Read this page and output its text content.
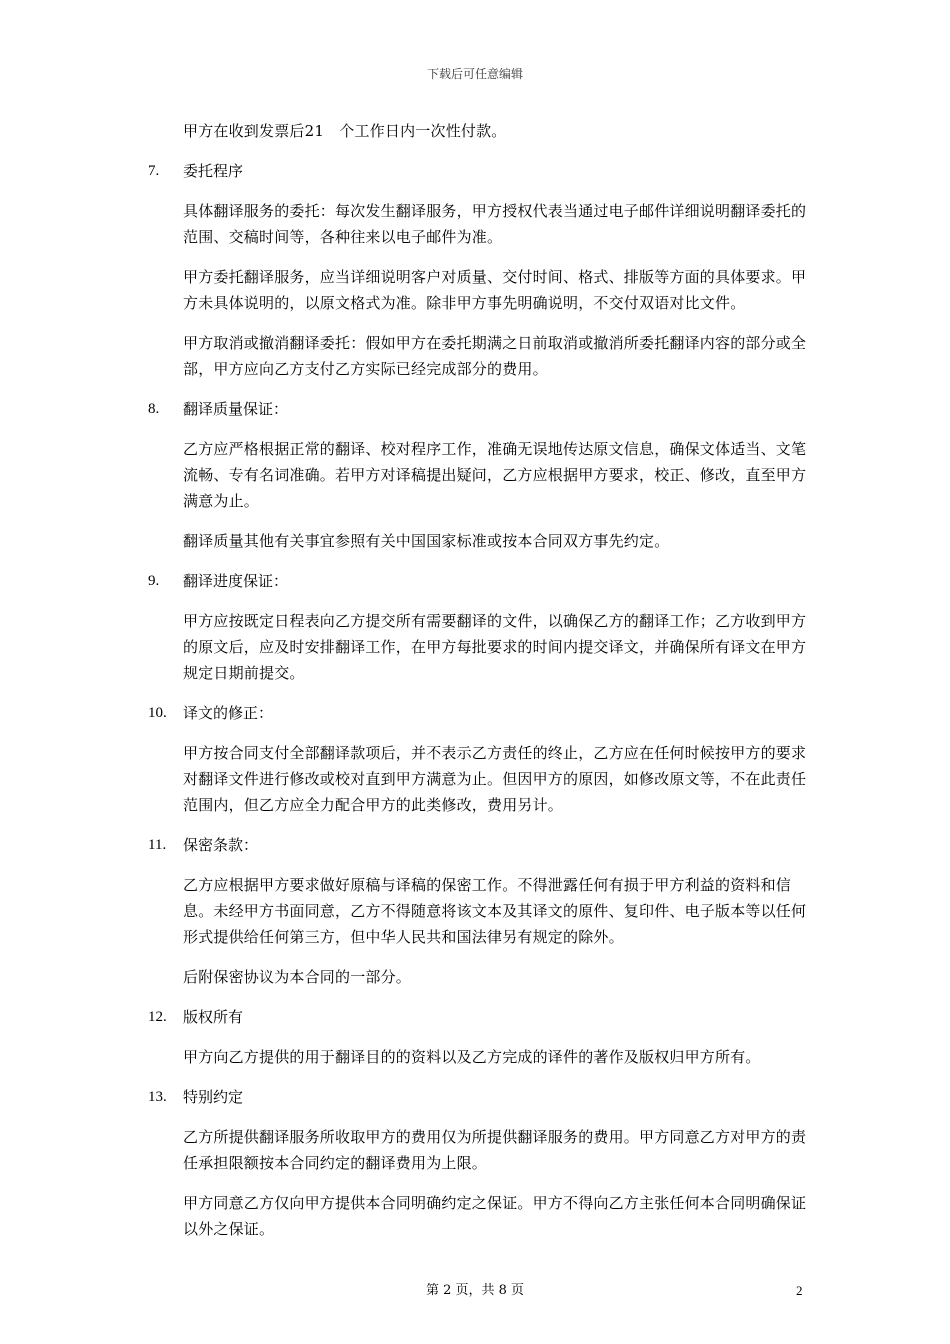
下载后可任意编辑

甲方在收到发票后21　个工作日内一次性付款。

7.	委托程序

具体翻译服务的委托：每次发生翻译服务，甲方授权代表当通过电子邮件详细说明翻译委托的范围、交稿时间等，各种往来以电子邮件为准。

甲方委托翻译服务，应当详细说明客户对质量、交付时间、格式、排版等方面的具体要求。甲方未具体说明的，以原文格式为准。除非甲方事先明确说明，不交付双语对比文件。

甲方取消或撤消翻译委托：假如甲方在委托期满之日前取消或撤消所委托翻译内容的部分或全部，甲方应向乙方支付乙方实际已经完成部分的费用。

8.	翻译质量保证：

乙方应严格根据正常的翻译、校对程序工作，准确无误地传达原文信息，确保文体适当、文笔流畅、专有名词准确。若甲方对译稿提出疑问，乙方应根据甲方要求，校正、修改，直至甲方满意为止。

翻译质量其他有关事宜参照有关中国国家标准或按本合同双方事先约定。

9.	翻译进度保证：

甲方应按既定日程表向乙方提交所有需要翻译的文件，以确保乙方的翻译工作；乙方收到甲方的原文后，应及时安排翻译工作，在甲方每批要求的时间内提交译文，并确保所有译文在甲方规定日期前提交。

10.	译文的修正：

甲方按合同支付全部翻译款项后，并不表示乙方责任的终止，乙方应在任何时候按甲方的要求对翻译文件进行修改或校对直到甲方满意为止。但因甲方的原因，如修改原文等，不在此责任范围内，但乙方应全力配合甲方的此类修改，费用另计。

11.	保密条款：

乙方应根据甲方要求做好原稿与译稿的保密工作。不得泄露任何有损于甲方利益的资料和信息。未经甲方书面同意，乙方不得随意将该文本及其译文的原件、复印件、电子版本等以任何形式提供给任何第三方，但中华人民共和国法律另有规定的除外。

后附保密协议为本合同的一部分。

12.	版权所有

甲方向乙方提供的用于翻译目的的资料以及乙方完成的译件的著作及版权归甲方所有。

13.	特别约定

乙方所提供翻译服务所收取甲方的费用仅为所提供翻译服务的费用。甲方同意乙方对甲方的责任承担限额按本合同约定的翻译费用为上限。

甲方同意乙方仅向甲方提供本合同明确约定之保证。甲方不得向乙方主张任何本合同明确保证以外之保证。

第 2 页，共 8 页	2
